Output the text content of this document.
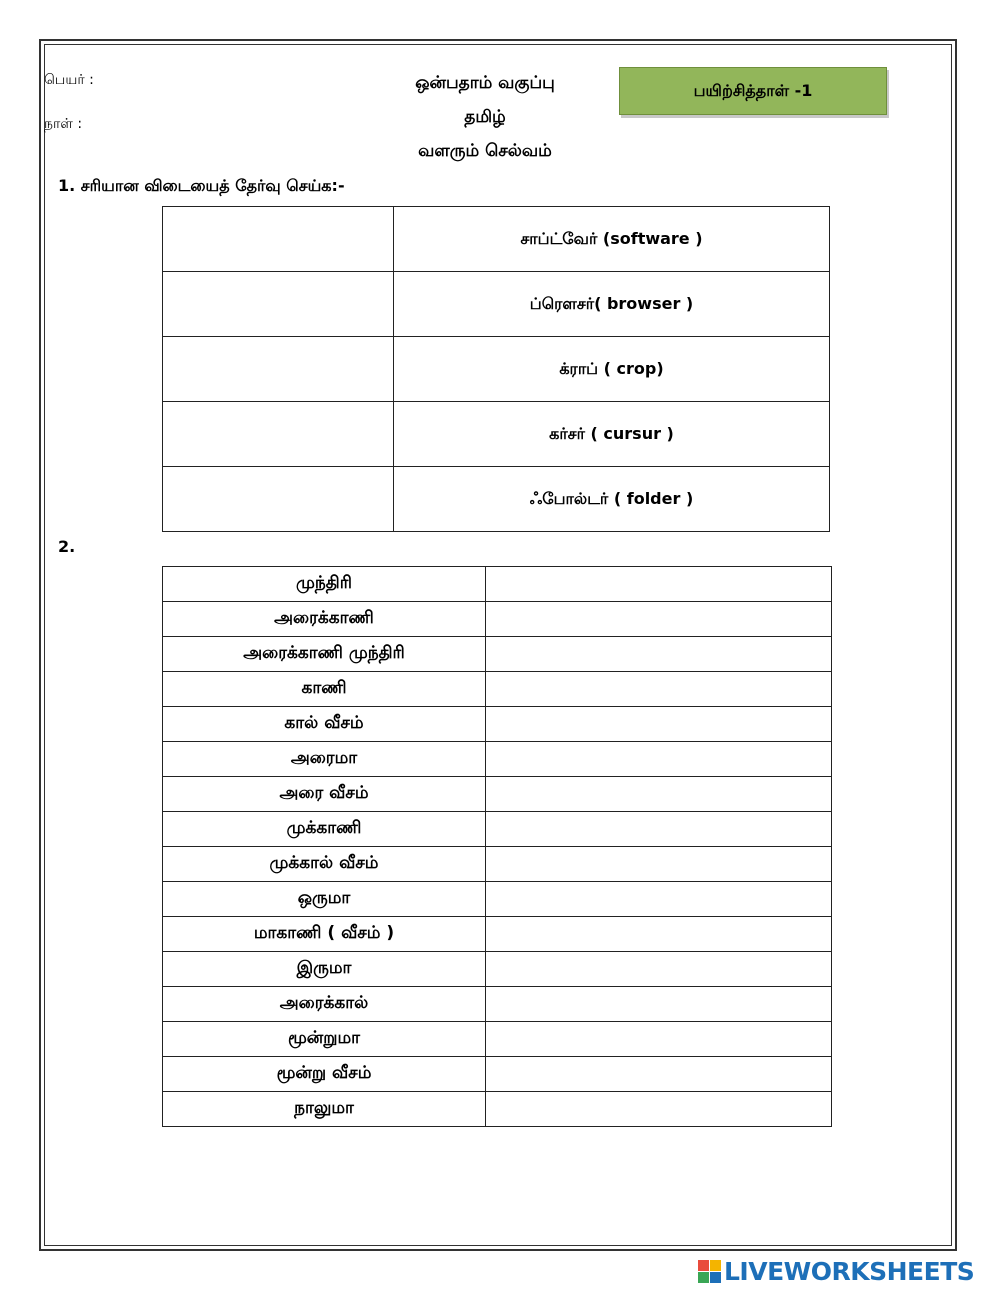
பெயர் :
நாள் :
ஒன்பதாம் வகுப்பு
தமிழ்
வளரும் செல்வம்
பயிற்சித்தாள் -1
1. சரியான விடையைத் தேர்வு செய்க:-
	சாப்ட்வேர் (software )
	ப்ரௌசர்( browser )
	க்ராப் ( crop)
	கர்சர் ( cursur )
	ஃபோல்டர் ( folder )
2.
முந்திரி	
அரைக்காணி	
அரைக்காணி முந்திரி	
காணி	
கால் வீசம்	
அரைமா	
அரை வீசம்	
முக்காணி	
முக்கால் வீசம்	
ஒருமா	
மாகாணி ( வீசம் )	
இருமா	
அரைக்கால்	
மூன்றுமா	
மூன்று வீசம்	
நாலுமா	
LIVEWORKSHEETS
